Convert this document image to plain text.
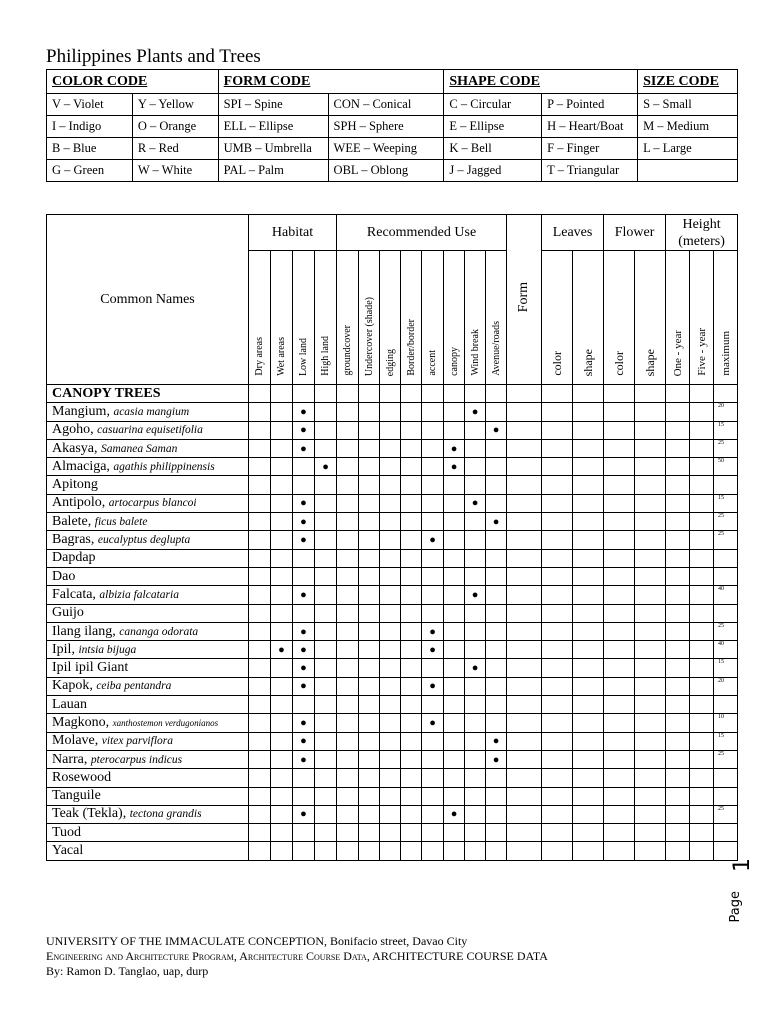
Philippines Plants and Trees
COLOR CODE		FORM CODE		SHAPE CODE		SIZE CODE
V – Violet	Y – Yellow	SPI – Spine	CON – Conical	C – Circular	P – Pointed	S – Small
I – Indigo	O – Orange	ELL – Ellipse	SPH – Sphere	E – Ellipse	H – Heart/Boat	M – Medium
B – Blue	R – Red	UMB – Umbrella	WEE – Weeping	K – Bell	F – Finger	L – Large
G – Green	W – White	PAL – Palm	OBL – Oblong	J – Jagged	T – Triangular	
Common Names	Habitat				Recommended Use								Form	Leaves		Flower		Height (meters)		
	Dry areas	Wet areas	Low land	High land	groundcover	Undercover (shade)	edging	Border/border	accent	canopy	Wind break	Avenue/roads		color	shape	color	shape	One - year	Five - year	maximum
CANOPY TREES																				
Mangium, acasia mangium			●								●									20
Agoho, casuarina equisetifolia			●									●								15
Akasya, Samanea Saman			●							●										25
Almaciga, agathis philippinensis				●						●										50
Apitong																				
Antipolo, artocarpus blancoi			●								●									15
Balete, ficus balete			●									●								25
Bagras, eucalyptus deglupta			●						●											25
Dapdap																				
Dao																				
Falcata, albizia falcataria			●								●									40
Guijo																				
Ilang ilang, cananga odorata			●						●											25
Ipil, intsia bijuga		●	●						●											40
Ipil ipil Giant			●								●									15
Kapok, ceiba pentandra			●						●											20
Lauan																				
Magkono, xanthostemon verdugonianos			●						●											10
Molave, vitex parviflora			●									●								15
Narra, pterocarpus indicus			●									●								25
Rosewood																				
Tanguile																				
Teak (Tekla), tectona grandis			●							●										25
Tuod																				
Yacal																				
1
Page
UNIVERSITY OF THE IMMACULATE CONCEPTION, Bonifacio street, Davao City
Engineering and Architecture Program, Architecture Course Data, ARCHITECTURE COURSE DATA
By: Ramon D. Tanglao, uap, durp
